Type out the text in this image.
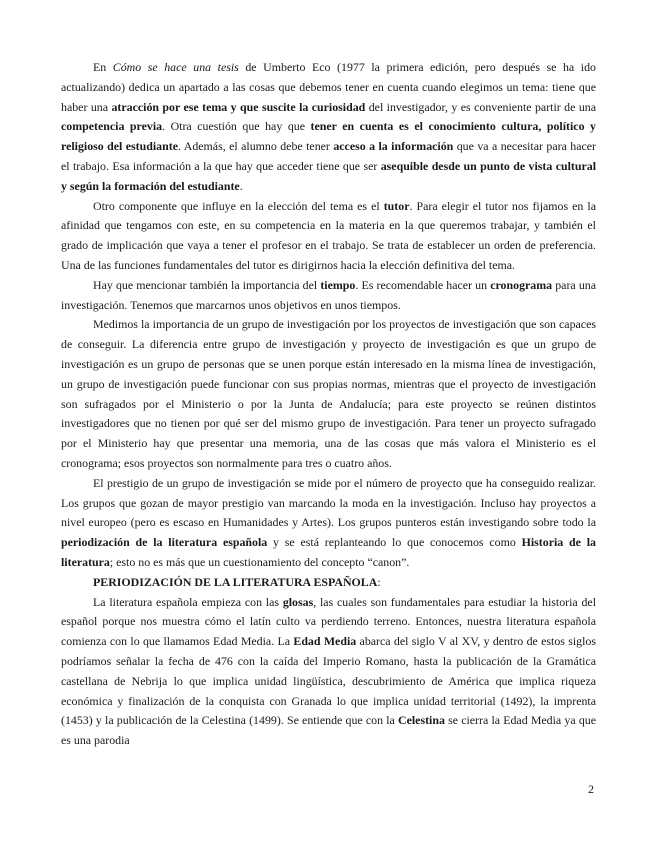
En Cómo se hace una tesis de Umberto Eco (1977 la primera edición, pero después se ha ido actualizando) dedica un apartado a las cosas que debemos tener en cuenta cuando elegimos un tema: tiene que haber una atracción por ese tema y que suscite la curiosidad del investigador, y es conveniente partir de una competencia previa. Otra cuestión que hay que tener en cuenta es el conocimiento cultura, político y religioso del estudiante. Además, el alumno debe tener acceso a la información que va a necesitar para hacer el trabajo. Esa información a la que hay que acceder tiene que ser asequible desde un punto de vista cultural y según la formación del estudiante.

Otro componente que influye en la elección del tema es el tutor. Para elegir el tutor nos fijamos en la afinidad que tengamos con este, en su competencia en la materia en la que queremos trabajar, y también el grado de implicación que vaya a tener el profesor en el trabajo. Se trata de establecer un orden de preferencia. Una de las funciones fundamentales del tutor es dirigirnos hacia la elección definitiva del tema.

Hay que mencionar también la importancia del tiempo. Es recomendable hacer un cronograma para una investigación. Tenemos que marcarnos unos objetivos en unos tiempos.

Medimos la importancia de un grupo de investigación por los proyectos de investigación que son capaces de conseguir. La diferencia entre grupo de investigación y proyecto de investigación es que un grupo de investigación es un grupo de personas que se unen porque están interesado en la misma línea de investigación, un grupo de investigación puede funcionar con sus propias normas, mientras que el proyecto de investigación son sufragados por el Ministerio o por la Junta de Andalucía; para este proyecto se reúnen distintos investigadores que no tienen por qué ser del mismo grupo de investigación. Para tener un proyecto sufragado por el Ministerio hay que presentar una memoria, una de las cosas que más valora el Ministerio es el cronograma; esos proyectos son normalmente para tres o cuatro años.

El prestigio de un grupo de investigación se mide por el número de proyecto que ha conseguido realizar. Los grupos que gozan de mayor prestigio van marcando la moda en la investigación. Incluso hay proyectos a nivel europeo (pero es escaso en Humanidades y Artes). Los grupos punteros están investigando sobre todo la periodización de la literatura española y se está replanteando lo que conocemos como Historia de la literatura; esto no es más que un cuestionamiento del concepto “canon”.

PERIODIZACIÓN DE LA LITERATURA ESPAÑOLA:

La literatura española empieza con las glosas, las cuales son fundamentales para estudiar la historia del español porque nos muestra cómo el latín culto va perdiendo terreno. Entonces, nuestra literatura española comienza con lo que llamamos Edad Media. La Edad Media abarca del siglo V al XV, y dentro de estos siglos podríamos señalar la fecha de 476 con la caída del Imperio Romano, hasta la publicación de la Gramática castellana de Nebrija lo que implica unidad lingüística, descubrimiento de América que implica riqueza económica y finalización de la conquista con Granada lo que implica unidad territorial (1492), la imprenta (1453) y la publicación de la Celestina (1499). Se entiende que con la Celestina se cierra la Edad Media ya que es una parodia

2
